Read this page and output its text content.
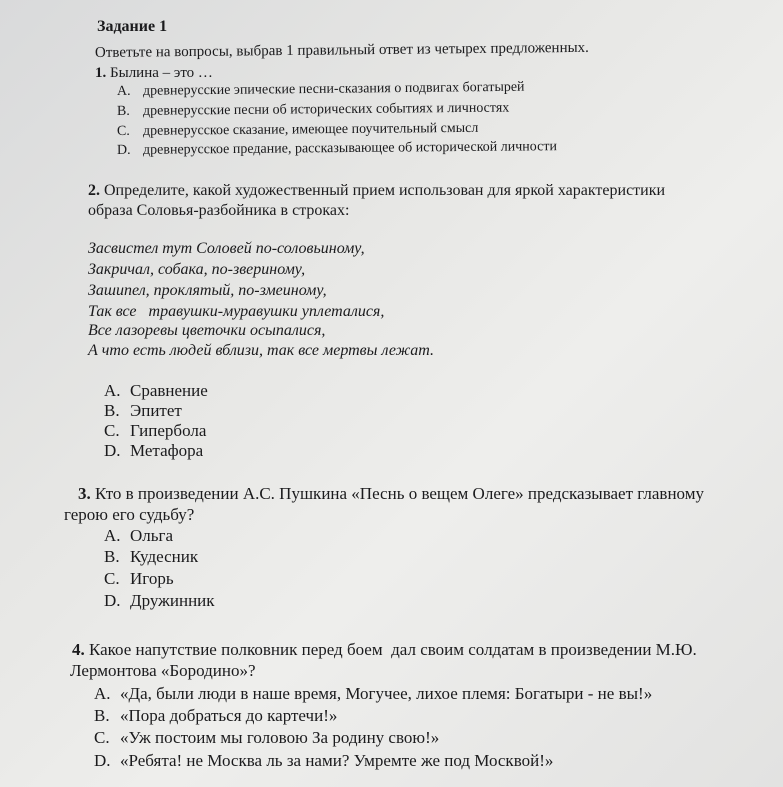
Задание 1
Ответьте на вопросы, выбрав 1 правильный ответ из четырех предложенных.
1. Былина – это …
A. древнерусские эпические песни-сказания о подвигах богатырей
B. древнерусские песни об исторических событиях и личностях
C. древнерусское сказание, имеющее поучительный смысл
D. древнерусское предание, рассказывающее об исторической личности
2. Определите, какой художественный прием использован для яркой характеристики
образа Соловья-разбойника в строках:
Засвистел тут Соловей по-соловьиному,
Закричал, собака, по-звериному,
Зашипел, проклятый, по-змеиному,
Так все   травушки-муравушки уплеталися,
Все лазоревы цветочки осыпалися,
А что есть людей вблизи, так все мертвы лежат.
A. Сравнение
B. Эпитет
C. Гипербола
D. Метафора
3. Кто в произведении А.С. Пушкина «Песнь о вещем Олеге» предсказывает главному
герою его судьбу?
A. Ольга
B. Кудесник
C. Игорь
D. Дружинник
4. Какое напутствие полковник перед боем  дал своим солдатам в произведении М.Ю.
Лермонтова «Бородино»?
A. «Да, были люди в наше время, Могучее, лихое племя: Богатыри - не вы!»
B. «Пора добраться до картечи!»
C. «Уж постоим мы головою За родину свою!»
D. «Ребята! не Москва ль за нами? Умремте же под Москвой!»
